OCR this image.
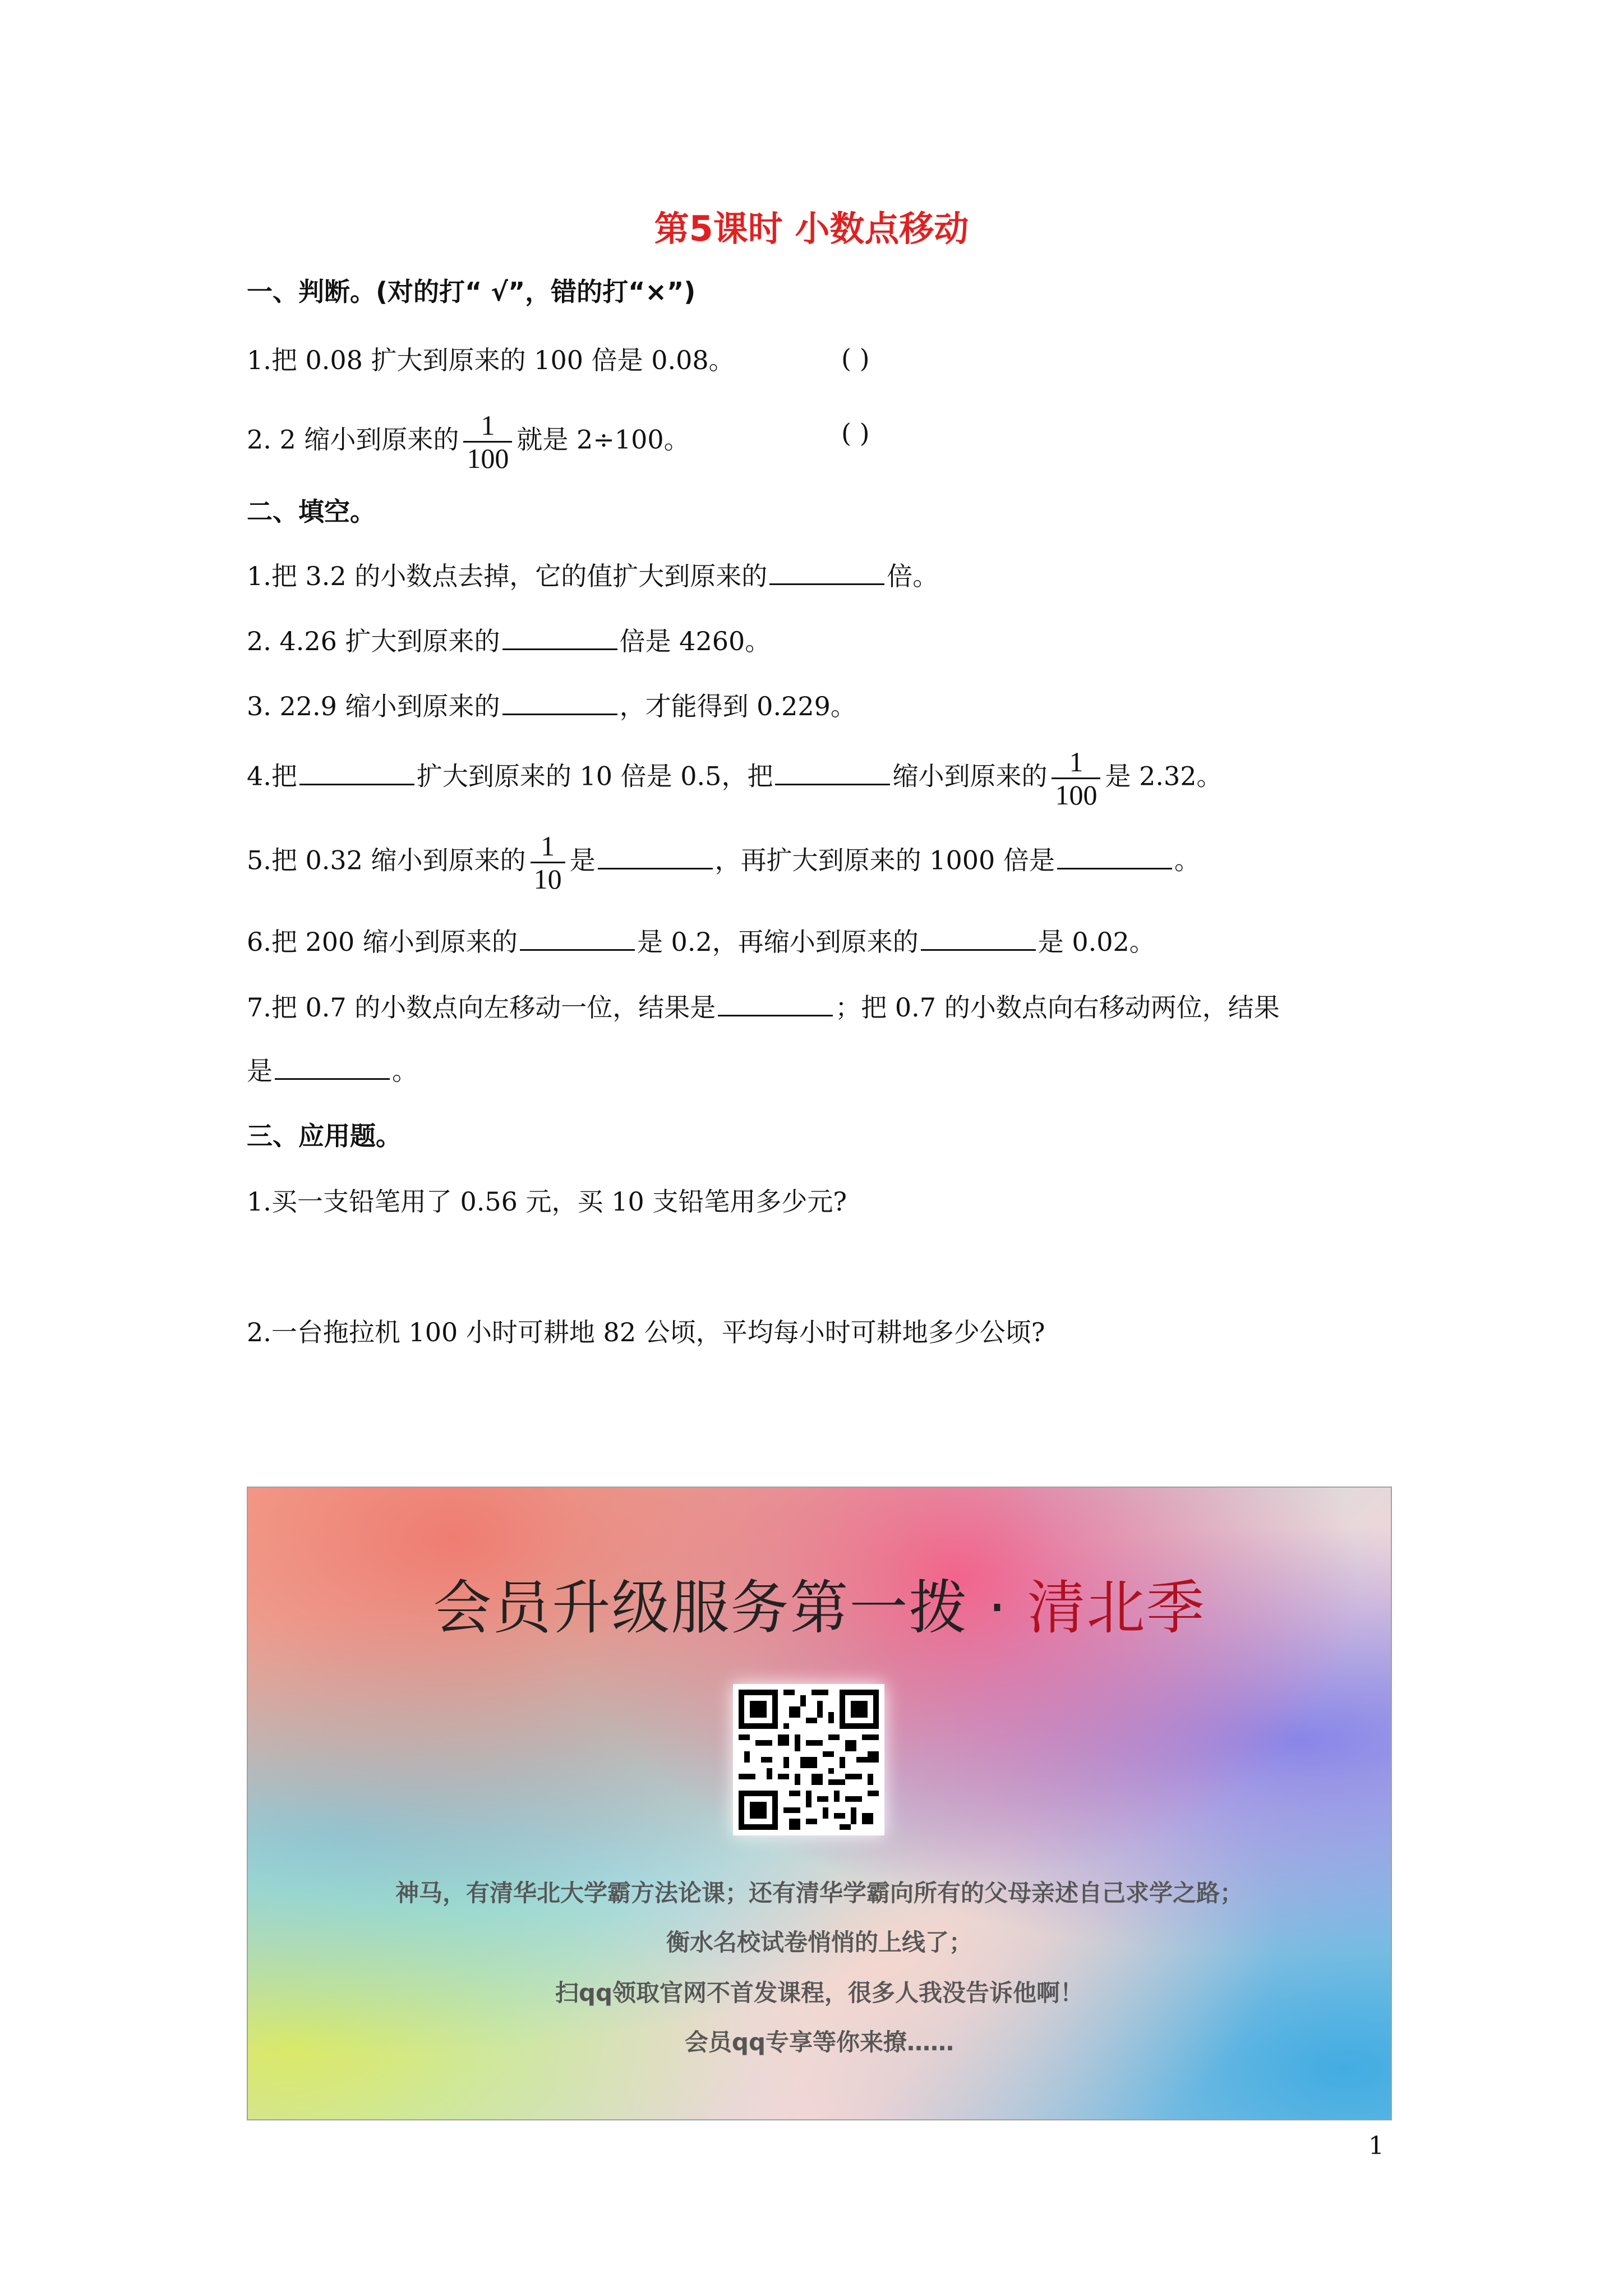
第5课时 小数点移动
一、判断。(对的打“ √”，错的打“×”)
1.把 0.08 扩大到原来的 100 倍是 0.08。	( )
2. 2 缩小到原来的 $\frac{1}{100}$ 就是 2÷100。	( )
二、填空。
1.把 3.2 的小数点去掉，它的值扩大到原来的	倍。
2. 4.26 扩大到原来的	倍是 4260。
3. 22.9 缩小到原来的	，才能得到 0.229。
4.把	扩大到原来的 10 倍是 0.5，把	缩小到原来的 $\frac{1}{100}$ 是 2.32。
5.把 0.32 缩小到原来的 $\frac{1}{10}$ 是	，再扩大到原来的 1000 倍是	。
6.把 200 缩小到原来的	是 0.2，再缩小到原来的	是 0.02。
7.把 0.7 的小数点向左移动一位，结果是	；把 0.7 的小数点向右移动两位，结果
是	。
三、应用题。
1.买一支铅笔用了 0.56 元，买 10 支铅笔用多少元?
2.一台拖拉机 100 小时可耕地 82 公顷，平均每小时可耕地多少公顷?
会员升级服务第一拨 · 清北季
神马，有清华北大学霸方法论课；还有清华学霸向所有的父母亲述自己求学之路；
衡水名校试卷悄悄的上线了；
扫qq领取官网不首发课程，很多人我没告诉他啊！
会员qq专享等你来撩……
1
